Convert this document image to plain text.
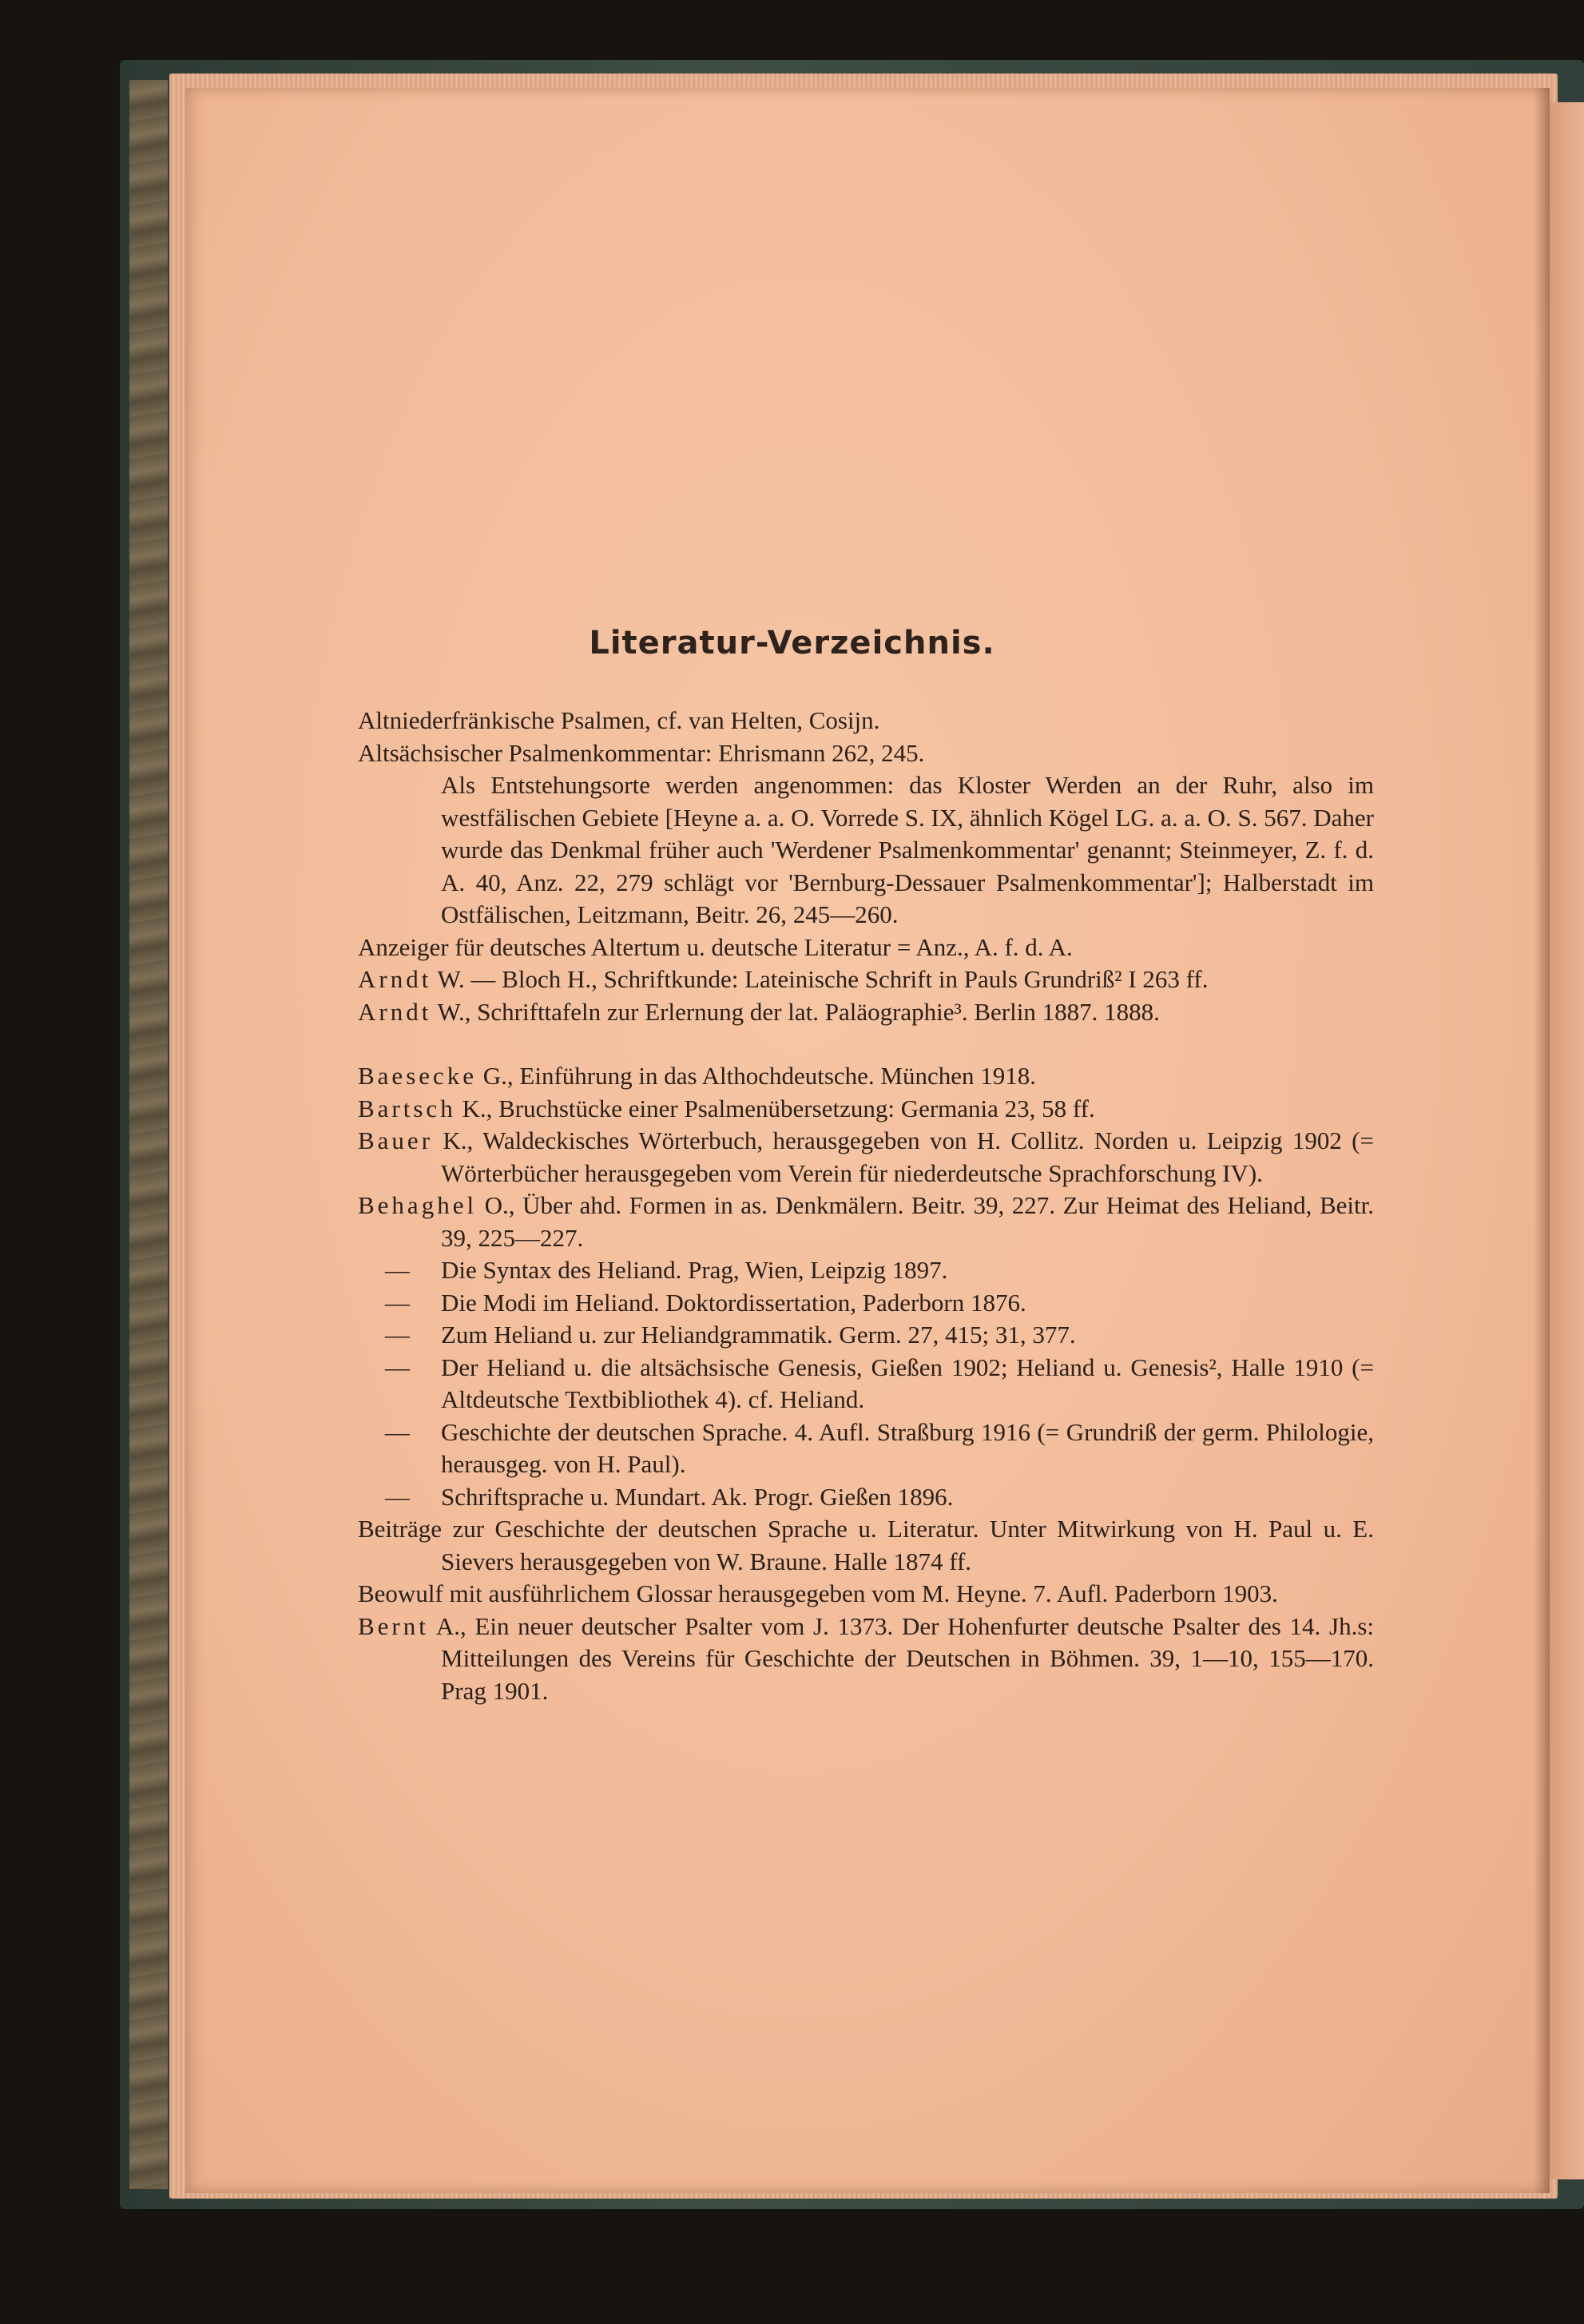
Literatur-Verzeichnis.

Altniederfränkische Psalmen, cf. van Helten, Cosijn.

Altsächsischer Psalmenkommentar: Ehrismann 262, 245.

Als Entstehungsorte werden angenommen: das Kloster Werden an der Ruhr, also im westfälischen Gebiete [Heyne a. a. O. Vorrede S. IX, ähnlich Kögel LG. a. a. O. S. 567. Daher wurde das Denkmal früher auch 'Werdener Psalmenkommentar' genannt; Steinmeyer, Z. f. d. A. 40, Anz. 22, 279 schlägt vor 'Bernburg-Dessauer Psalmenkommentar']; Halberstadt im Ostfälischen, Leitzmann, Beitr. 26, 245—260.

Anzeiger für deutsches Altertum u. deutsche Literatur = Anz., A. f. d. A.

Arndt W. — Bloch H., Schriftkunde: Lateinische Schrift in Pauls Grundriß² I 263 ff.

Arndt W., Schrifttafeln zur Erlernung der lat. Paläographie³. Berlin 1887. 1888.

Baesecke G., Einführung in das Althochdeutsche. München 1918.

Bartsch K., Bruchstücke einer Psalmenübersetzung: Germania 23, 58 ff.

Bauer K., Waldeckisches Wörterbuch, herausgegeben von H. Collitz. Norden u. Leipzig 1902 (= Wörterbücher herausgegeben vom Verein für niederdeutsche Sprachforschung IV).

Behaghel O., Über ahd. Formen in as. Denkmälern. Beitr. 39, 227. Zur Heimat des Heliand, Beitr. 39, 225—227.

— Die Syntax des Heliand. Prag, Wien, Leipzig 1897.

— Die Modi im Heliand. Doktordissertation, Paderborn 1876.

— Zum Heliand u. zur Heliandgrammatik. Germ. 27, 415; 31, 377.

— Der Heliand u. die altsächsische Genesis, Gießen 1902; Heliand u. Genesis², Halle 1910 (= Altdeutsche Textbibliothek 4). cf. Heliand.

— Geschichte der deutschen Sprache. 4. Aufl. Straßburg 1916 (= Grundriß der germ. Philologie, herausgeg. von H. Paul).

— Schriftsprache u. Mundart. Ak. Progr. Gießen 1896.

Beiträge zur Geschichte der deutschen Sprache u. Literatur. Unter Mitwirkung von H. Paul u. E. Sievers herausgegeben von W. Braune. Halle 1874 ff.

Beowulf mit ausführlichem Glossar herausgegeben vom M. Heyne. 7. Aufl. Paderborn 1903.

Bernt A., Ein neuer deutscher Psalter vom J. 1373. Der Hohenfurter deutsche Psalter des 14. Jh.s: Mitteilungen des Vereins für Geschichte der Deutschen in Böhmen. 39, 1—10, 155—170. Prag 1901.
